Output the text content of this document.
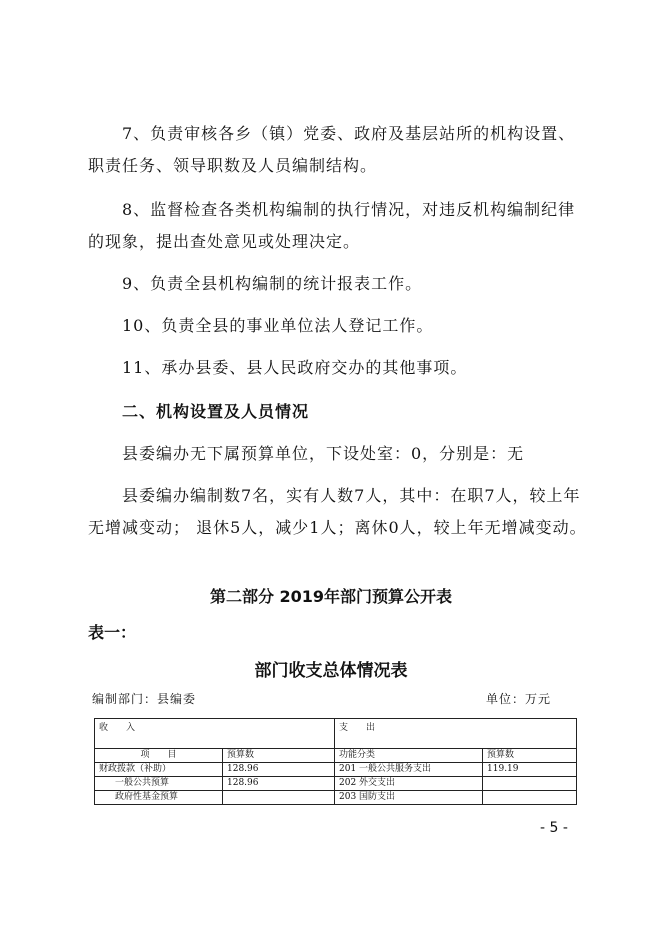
7、负责审核各乡（镇）党委、政府及基层站所的机构设置、职责任务、领导职数及人员编制结构。

8、监督检查各类机构编制的执行情况，对违反机构编制纪律的现象，提出查处意见或处理决定。

9、负责全县机构编制的统计报表工作。

10、负责全县的事业单位法人登记工作。

11、承办县委、县人民政府交办的其他事项。

二、机构设置及人员情况

县委编办无下属预算单位，下设处室：0，分别是：无

县委编办编制数7名，实有人数7人，其中：在职7人，较上年无增减变动； 退休5人，减少1人；离休0人，较上年无增减变动。

第二部分 2019年部门预算公开表

表一：

部门收支总体情况表

编制部门：县编委	单位：万元

收　　入		支　　出	
项　　目	预算数	功能分类	预算数
财政拨款（补助）	128.96	201 一般公共服务支出	119.19
一般公共预算	128.96	202 外交支出	
政府性基金预算		203 国防支出	

- 5 -
